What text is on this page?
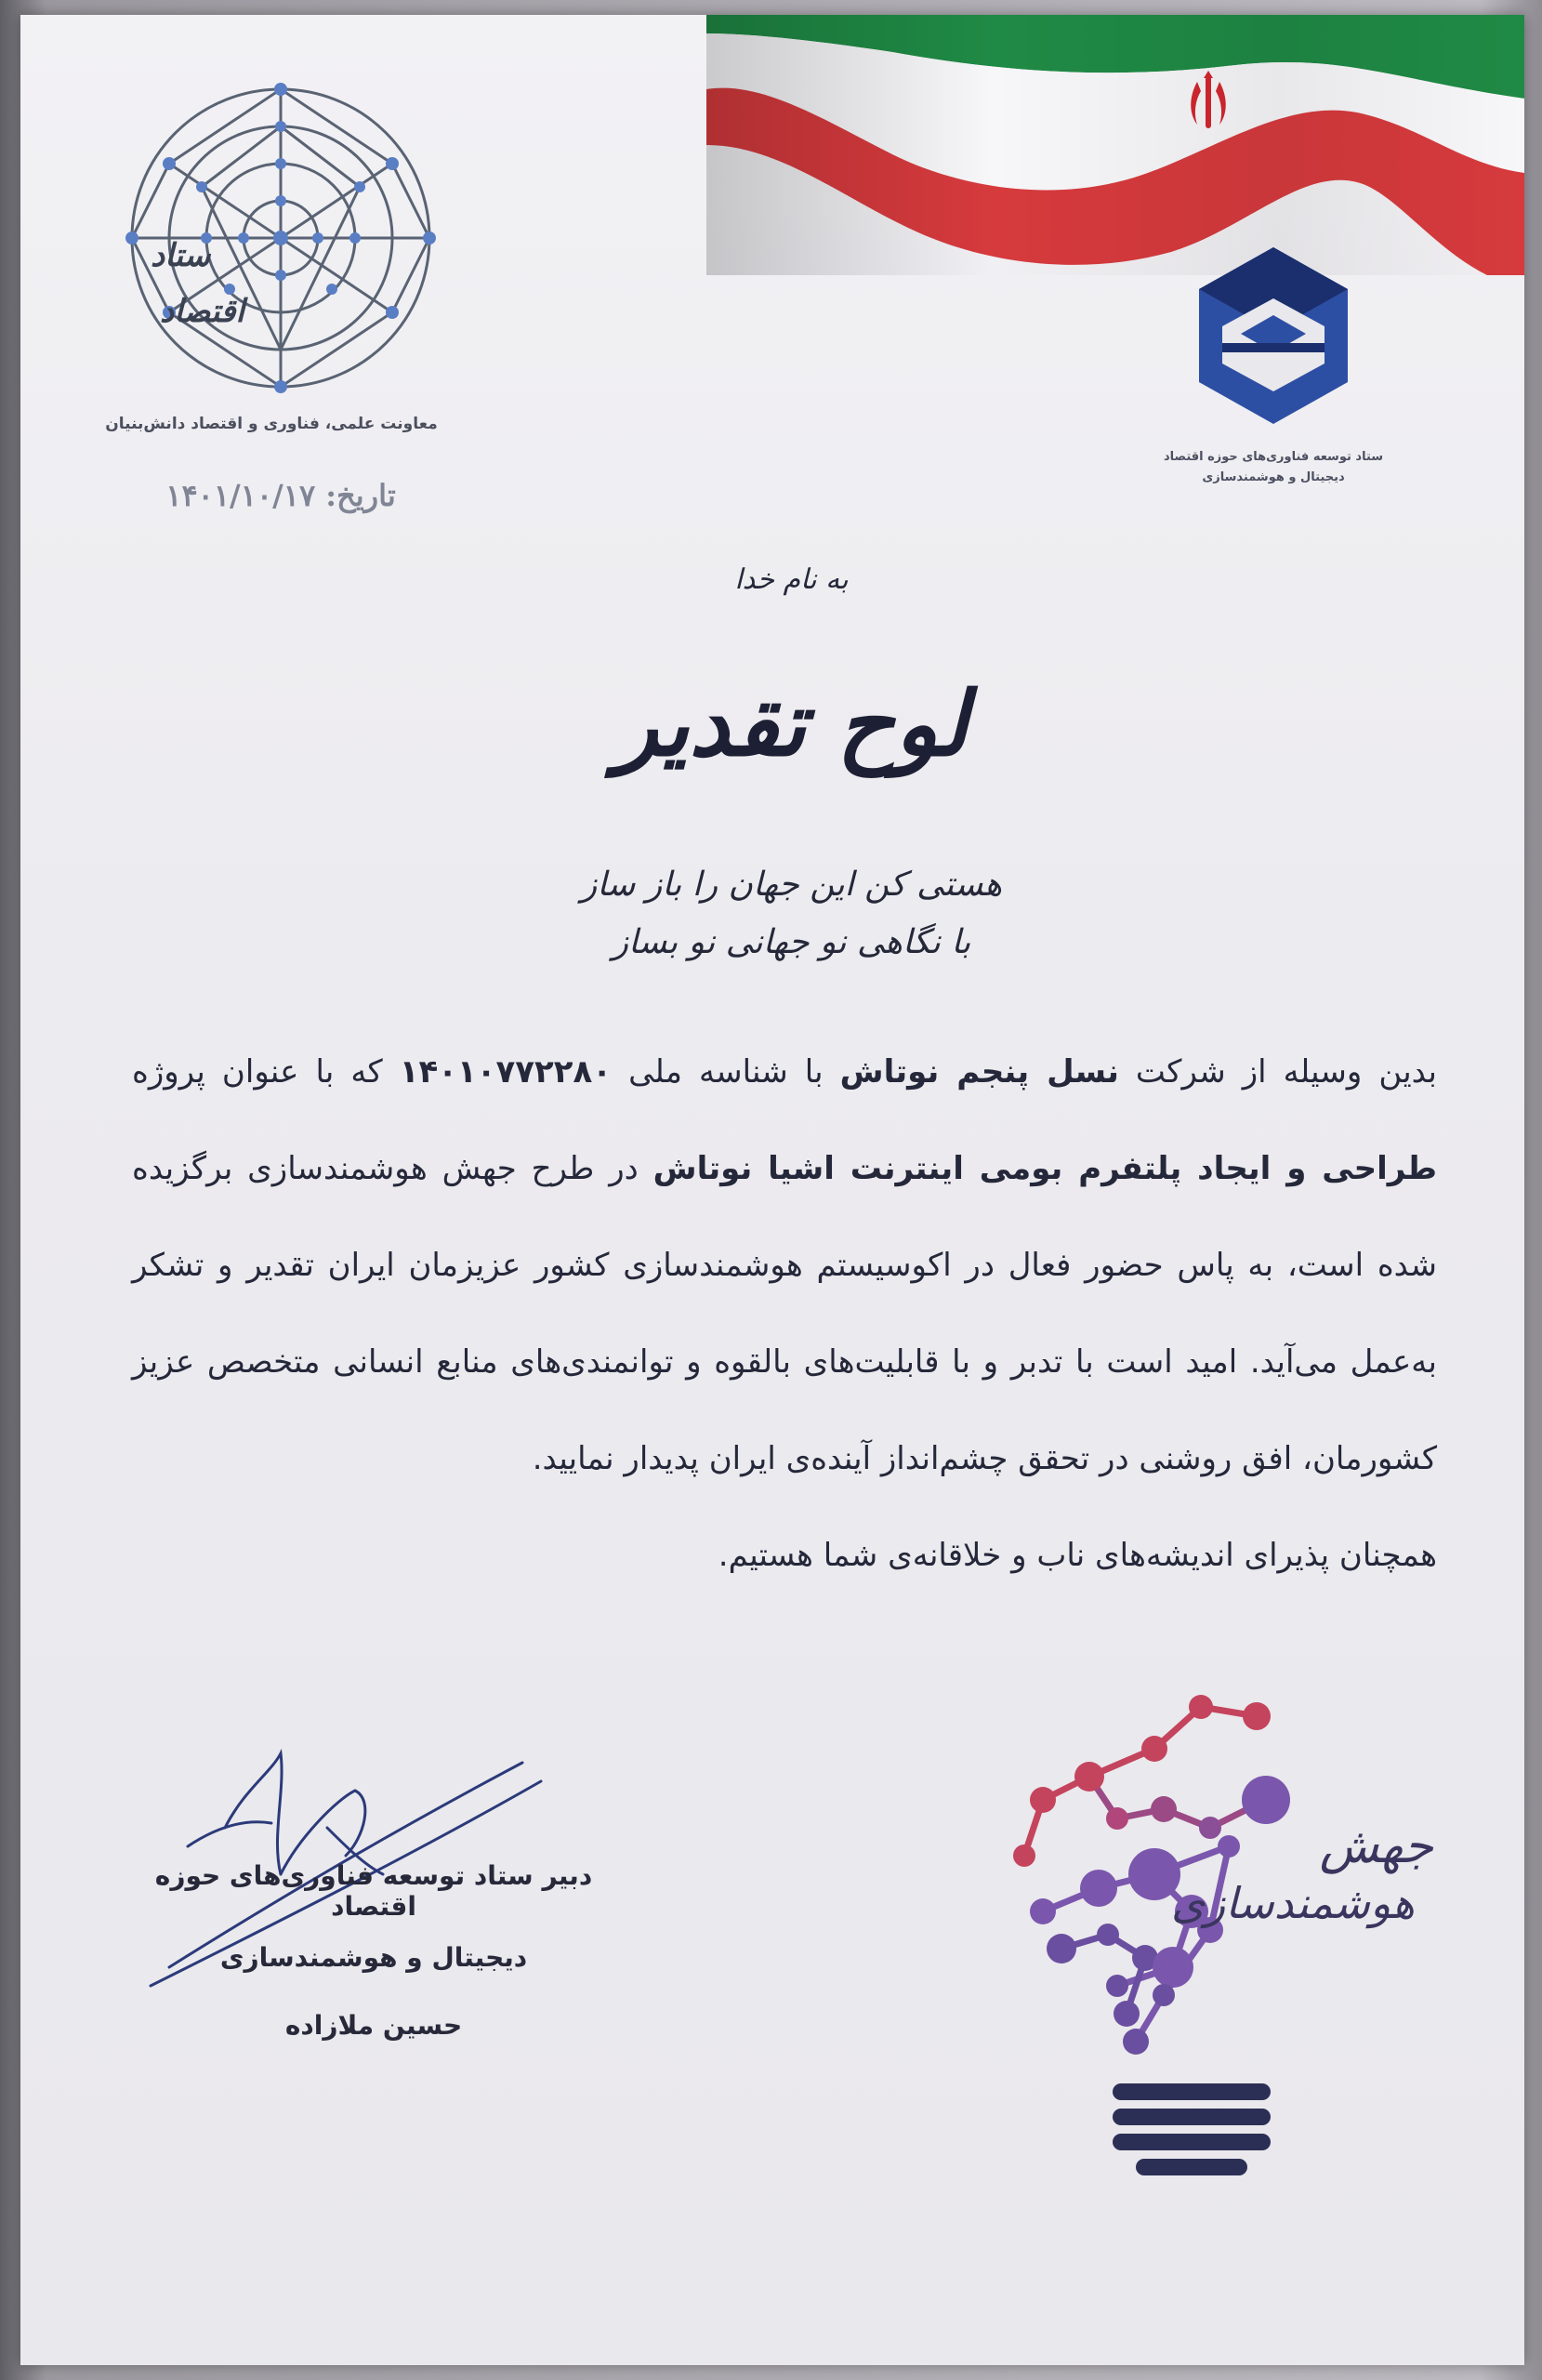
ستاد
اقتصاد
معاونت علمی، فناوری و اقتصاد دانش‌بنیان
تاریخ: ۱۴۰۱/۱۰/۱۷
ستاد توسعه فناوری‌های حوزه اقتصاد
دیجیتال و هوشمندسازی
به نام خدا
لوح تقدیر
هستی کن این جهان را باز ساز
با نگاهی نو جهانی نو بساز

بدین وسیله از شرکت نسل پنجم نوتاش با شناسه ملی ۱۴۰۱۰۷۷۲۲۸۰ که با عنوان پروژه طراحی و ایجاد پلتفرم بومی اینترنت اشیا نوتاش در طرح جهش هوشمندسازی برگزیده شده است، به پاس حضور فعال در اکوسیستم هوشمندسازی کشور عزیزمان ایران تقدیر و تشکر به‌عمل می‌آید. امید است با تدبر و با قابلیت‌های بالقوه و توانمندی‌های منابع انسانی متخصص عزیز کشورمان، افق روشنی در تحقق چشم‌انداز آینده‌ی ایران پدیدار نمایید.

همچنان پذیرای اندیشه‌های ناب و خلاقانه‌ی شما هستیم.

دبیر ستاد توسعه فناوری‌های حوزه اقتصاد
دیجیتال و هوشمندسازی
حسین ملازاده
جهش
هوشمندسازی
